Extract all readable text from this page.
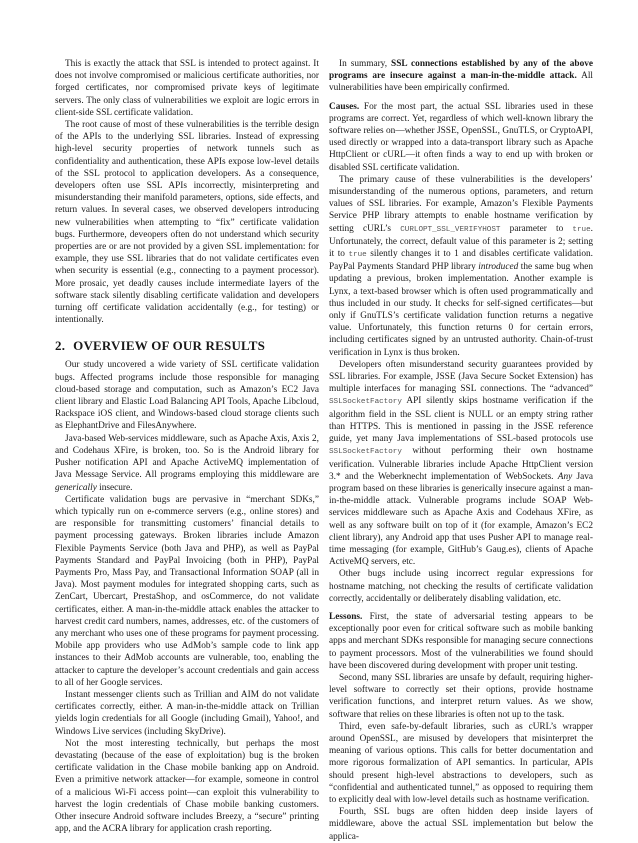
This is exactly the attack that SSL is intended to protect against. It does not involve compromised or malicious certificate authorities, nor forged certificates, nor compromised private keys of legitimate servers. The only class of vulnerabilities we exploit are logic errors in client-side SSL certificate validation.

The root cause of most of these vulnerabilities is the terrible design of the APIs to the underlying SSL libraries. Instead of expressing high-level security properties of network tunnels such as confidentiality and authentication, these APIs expose low-level details of the SSL protocol to application developers. As a consequence, developers often use SSL APIs incorrectly, misinterpreting and misunderstanding their manifold parameters, options, side effects, and return values. In several cases, we observed developers introducing new vulnerabilities when attempting to “fix” certificate validation bugs. Furthermore, deveopers often do not understand which security properties are or are not provided by a given SSL implementation: for example, they use SSL libraries that do not validate certificates even when security is essential (e.g., connecting to a payment processor). More prosaic, yet deadly causes include intermediate layers of the software stack silently disabling certificate validation and developers turning off certificate validation accidentally (e.g., for testing) or intentionally.

2. OVERVIEW OF OUR RESULTS

Our study uncovered a wide variety of SSL certificate validation bugs. Affected programs include those responsible for managing cloud-based storage and computation, such as Amazon’s EC2 Java client library and Elastic Load Balancing API Tools, Apache Libcloud, Rackspace iOS client, and Windows-based cloud storage clients such as ElephantDrive and FilesAnywhere.

Java-based Web-services middleware, such as Apache Axis, Axis 2, and Codehaus XFire, is broken, too. So is the Android library for Pusher notification API and Apache ActiveMQ implementation of Java Message Service. All programs employing this middleware are generically insecure.

Certificate validation bugs are pervasive in “merchant SDKs,” which typically run on e-commerce servers (e.g., online stores) and are responsible for transmitting customers’ financial details to payment processing gateways. Broken libraries include Amazon Flexible Payments Service (both Java and PHP), as well as PayPal Payments Standard and PayPal Invoicing (both in PHP), PayPal Payments Pro, Mass Pay, and Transactional Information SOAP (all in Java). Most payment modules for integrated shopping carts, such as ZenCart, Ubercart, PrestaShop, and osCommerce, do not validate certificates, either. A man-in-the-middle attack enables the attacker to harvest credit card numbers, names, addresses, etc. of the customers of any merchant who uses one of these programs for payment processing. Mobile app providers who use AdMob’s sample code to link app instances to their AdMob accounts are vulnerable, too, enabling the attacker to capture the developer’s account credentials and gain access to all of her Google services.

Instant messenger clients such as Trillian and AIM do not validate certificates correctly, either. A man-in-the-middle attack on Trillian yields login credentials for all Google (including Gmail), Yahoo!, and Windows Live services (including SkyDrive).

Not the most interesting technically, but perhaps the most devastating (because of the ease of exploitation) bug is the broken certificate validation in the Chase mobile banking app on Android. Even a primitive network attacker—for example, someone in control of a malicious Wi-Fi access point—can exploit this vulnerability to harvest the login credentials of Chase mobile banking customers. Other insecure Android software includes Breezy, a “secure” printing app, and the ACRA library for application crash reporting.

In summary, SSL connections established by any of the above programs are insecure against a man-in-the-middle attack. All vulnerabilities have been empirically confirmed.

Causes. For the most part, the actual SSL libraries used in these programs are correct. Yet, regardless of which well-known library the software relies on—whether JSSE, OpenSSL, GnuTLS, or CryptoAPI, used directly or wrapped into a data-transport library such as Apache HttpClient or cURL—it often finds a way to end up with broken or disabled SSL certificate validation.

The primary cause of these vulnerabilities is the developers’ misunderstanding of the numerous options, parameters, and return values of SSL libraries. For example, Amazon’s Flexible Payments Service PHP library attempts to enable hostname verification by setting cURL’s CURLOPT_SSL_VERIFYHOST parameter to true. Unfortunately, the correct, default value of this parameter is 2; setting it to true silently changes it to 1 and disables certificate validation. PayPal Payments Standard PHP library introduced the same bug when updating a previous, broken implementation. Another example is Lynx, a text-based browser which is often used programmatically and thus included in our study. It checks for self-signed certificates—but only if GnuTLS’s certificate validation function returns a negative value. Unfortunately, this function returns 0 for certain errors, including certificates signed by an untrusted authority. Chain-of-trust verification in Lynx is thus broken.

Developers often misunderstand security guarantees provided by SSL libraries. For example, JSSE (Java Secure Socket Extension) has multiple interfaces for managing SSL connections. The “advanced” SSLSocketFactory API silently skips hostname verification if the algorithm field in the SSL client is NULL or an empty string rather than HTTPS. This is mentioned in passing in the JSSE reference guide, yet many Java implementations of SSL-based protocols use SSLSocketFactory without performing their own hostname verification. Vulnerable libraries include Apache HttpClient version 3.* and the Weberknecht implementation of WebSockets. Any Java program based on these libraries is generically insecure against a man-in-the-middle attack. Vulnerable programs include SOAP Web-services middleware such as Apache Axis and Codehaus XFire, as well as any software built on top of it (for example, Amazon’s EC2 client library), any Android app that uses Pusher API to manage real-time messaging (for example, GitHub’s Gaug.es), clients of Apache ActiveMQ servers, etc.

Other bugs include using incorrect regular expressions for hostname matching, not checking the results of certificate validation correctly, accidentally or deliberately disabling validation, etc.

Lessons. First, the state of adversarial testing appears to be exceptionally poor even for critical software such as mobile banking apps and merchant SDKs responsible for managing secure connections to payment processors. Most of the vulnerabilities we found should have been discovered during development with proper unit testing.

Second, many SSL libraries are unsafe by default, requiring higher-level software to correctly set their options, provide hostname verification functions, and interpret return values. As we show, software that relies on these libraries is often not up to the task.

Third, even safe-by-default libraries, such as cURL’s wrapper around OpenSSL, are misused by developers that misinterpret the meaning of various options. This calls for better documentation and more rigorous formalization of API semantics. In particular, APIs should present high-level abstractions to developers, such as “confidential and authenticated tunnel,” as opposed to requiring them to explicitly deal with low-level details such as hostname verification.

Fourth, SSL bugs are often hidden deep inside layers of middleware, above the actual SSL implementation but below the applica-
